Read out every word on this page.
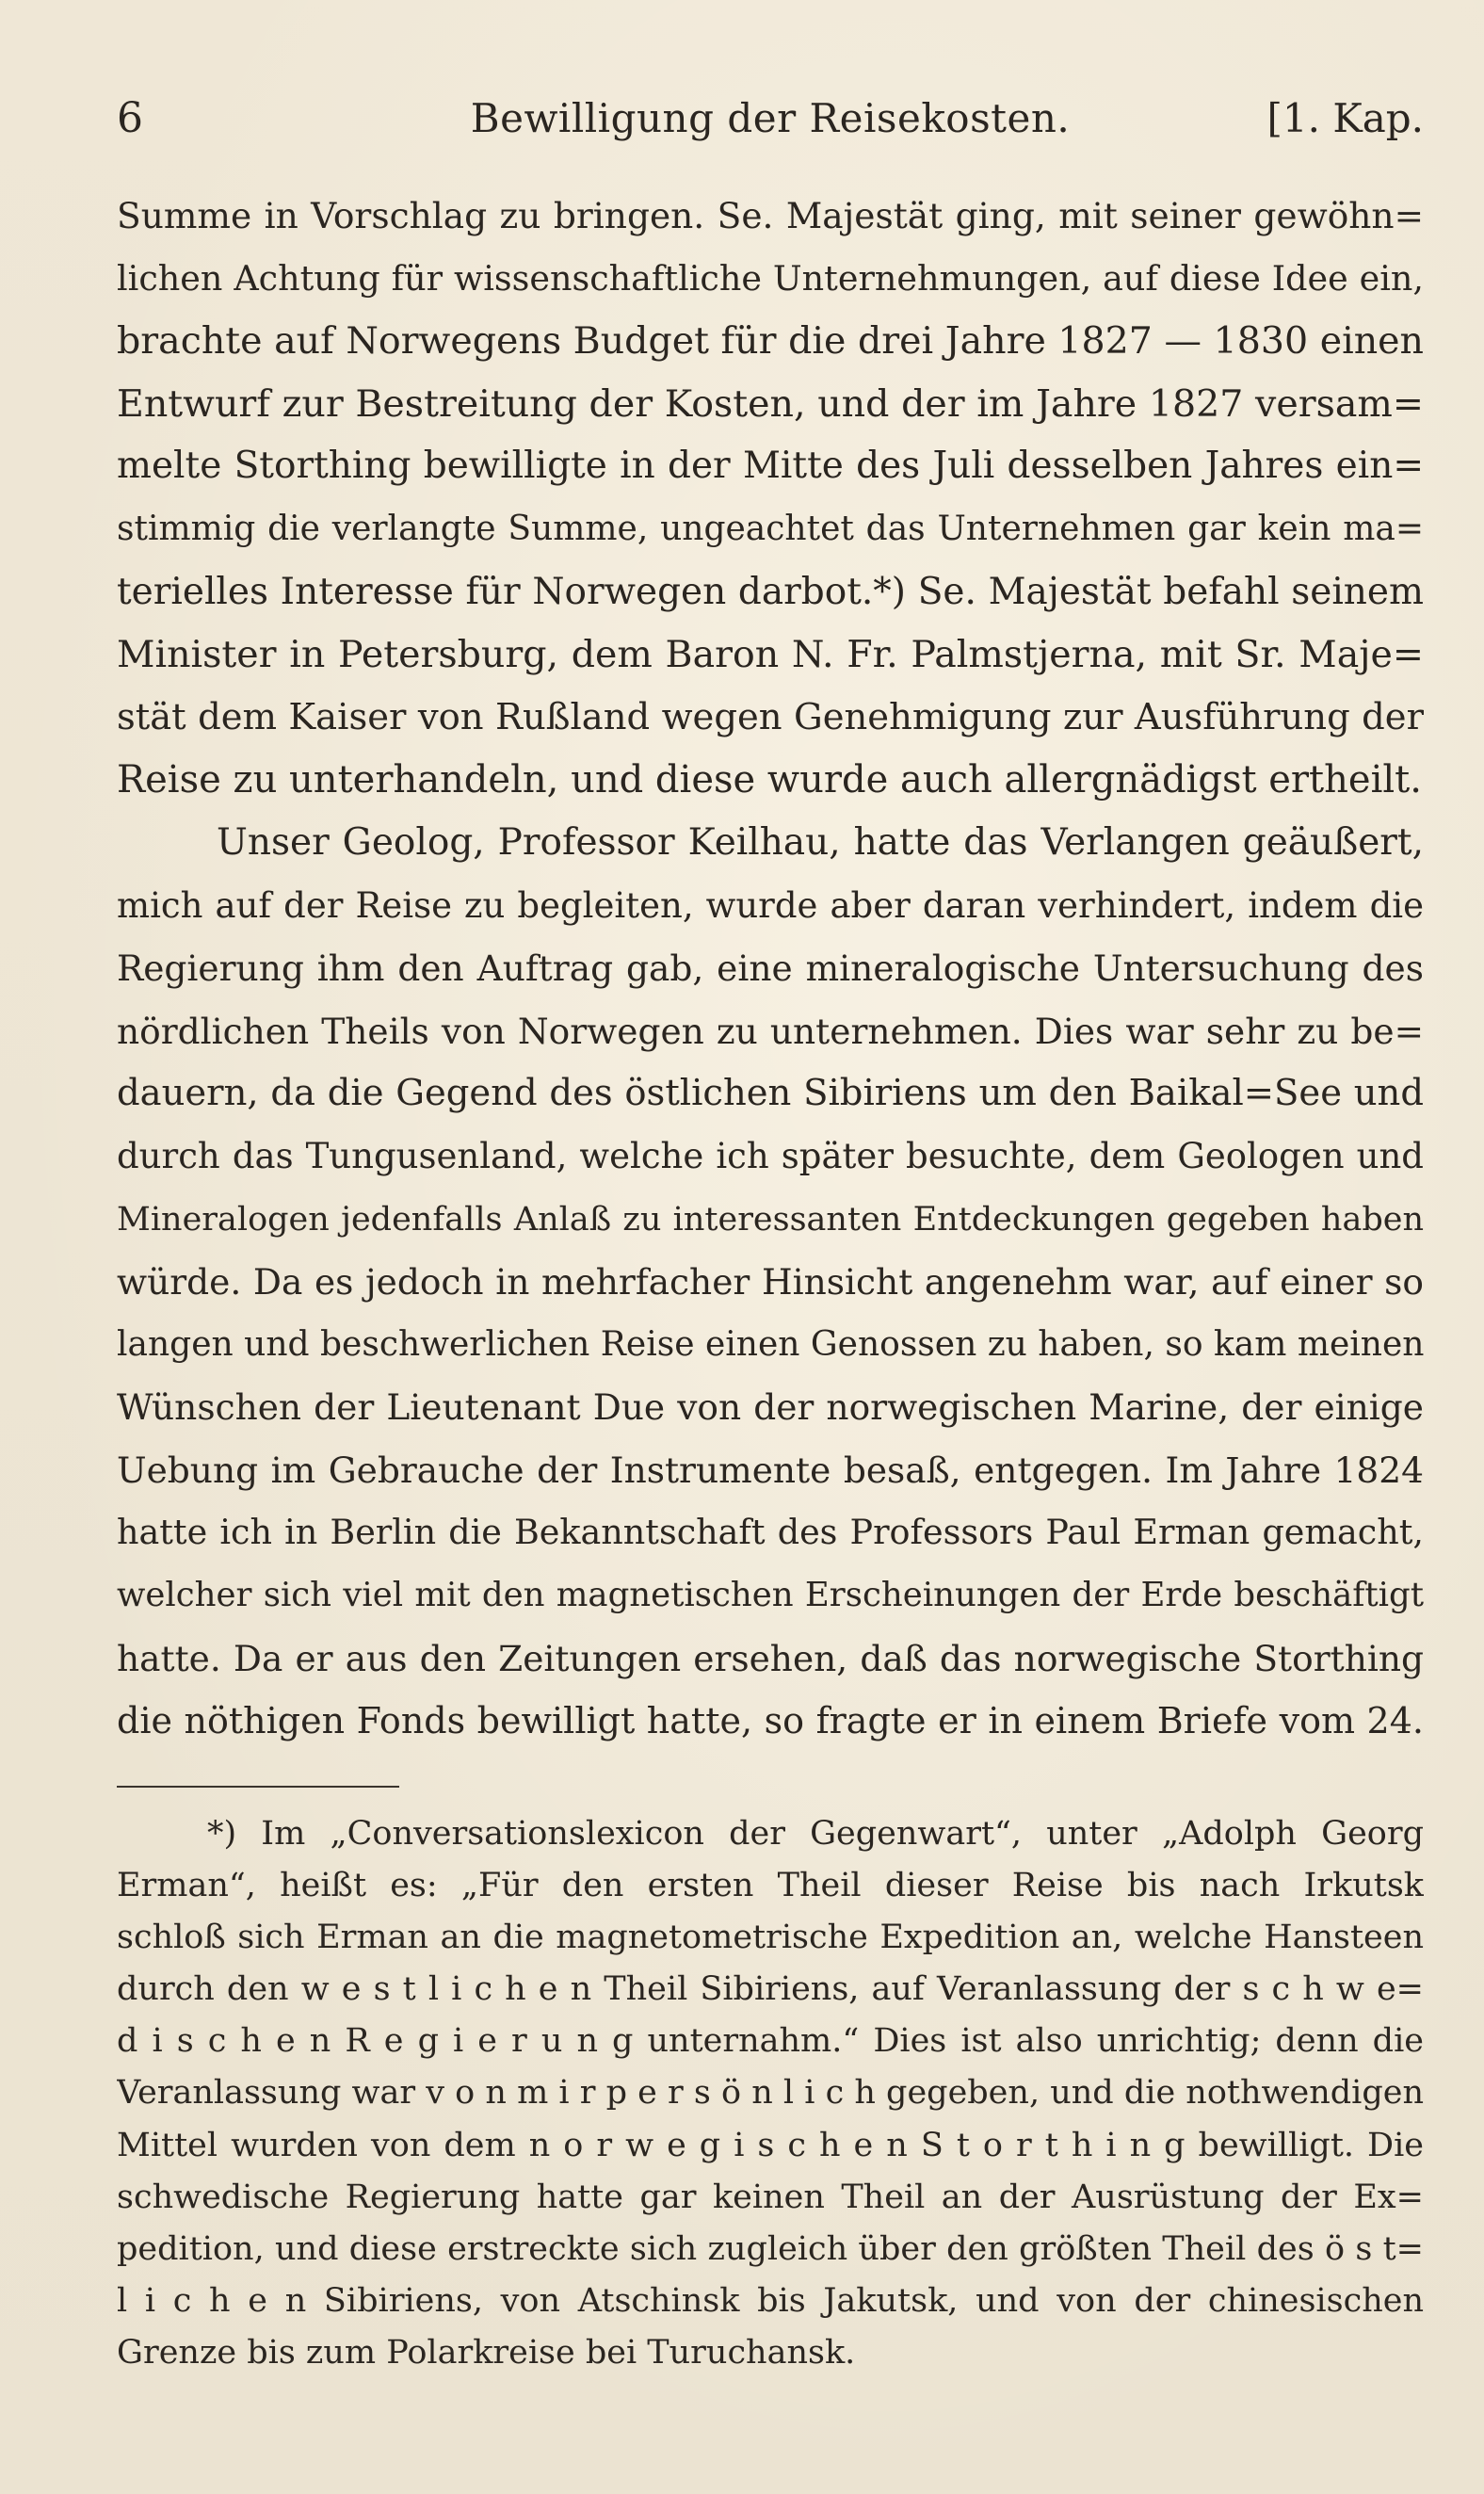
6	Bewilligung der Reisekosten.	[1. Kap.
Summe in Vorschlag zu bringen. Se. Majestät ging, mit seiner gewöhn=
lichen Achtung für wissenschaftliche Unternehmungen, auf diese Idee ein,
brachte auf Norwegens Budget für die drei Jahre 1827 — 1830 einen
Entwurf zur Bestreitung der Kosten, und der im Jahre 1827 versam=
melte Storthing bewilligte in der Mitte des Juli desselben Jahres ein=
stimmig die verlangte Summe, ungeachtet das Unternehmen gar kein ma=
terielles Interesse für Norwegen darbot.*) Se. Majestät befahl seinem
Minister in Petersburg, dem Baron N. Fr. Palmstjerna, mit Sr. Maje=
stät dem Kaiser von Rußland wegen Genehmigung zur Ausführung der
Reise zu unterhandeln, und diese wurde auch allergnädigst ertheilt.
Unser Geolog, Professor Keilhau, hatte das Verlangen geäußert,
mich auf der Reise zu begleiten, wurde aber daran verhindert, indem die
Regierung ihm den Auftrag gab, eine mineralogische Untersuchung des
nördlichen Theils von Norwegen zu unternehmen. Dies war sehr zu be=
dauern, da die Gegend des östlichen Sibiriens um den Baikal=See und
durch das Tungusenland, welche ich später besuchte, dem Geologen und
Mineralogen jedenfalls Anlaß zu interessanten Entdeckungen gegeben haben
würde. Da es jedoch in mehrfacher Hinsicht angenehm war, auf einer so
langen und beschwerlichen Reise einen Genossen zu haben, so kam meinen
Wünschen der Lieutenant Due von der norwegischen Marine, der einige
Uebung im Gebrauche der Instrumente besaß, entgegen. Im Jahre 1824
hatte ich in Berlin die Bekanntschaft des Professors Paul Erman gemacht,
welcher sich viel mit den magnetischen Erscheinungen der Erde beschäftigt
hatte. Da er aus den Zeitungen ersehen, daß das norwegische Storthing
die nöthigen Fonds bewilligt hatte, so fragte er in einem Briefe vom 24.
*) Im „Conversationslexicon der Gegenwart“, unter „Adolph Georg
Erman“, heißt es: „Für den ersten Theil dieser Reise bis nach Irkutsk
schloß sich Erman an die magnetometrische Expedition an, welche Hansteen
durch den w e s t l i c h e n Theil Sibiriens, auf Veranlassung der s c h w e=
d i s c h e n R e g i e r u n g unternahm.“ Dies ist also unrichtig; denn die
Veranlassung war v o n m i r p e r s ö n l i c h gegeben, und die nothwendigen
Mittel wurden von dem n o r w e g i s c h e n S t o r t h i n g bewilligt. Die
schwedische Regierung hatte gar keinen Theil an der Ausrüstung der Ex=
pedition, und diese erstreckte sich zugleich über den größten Theil des ö s t=
l i c h e n Sibiriens, von Atschinsk bis Jakutsk, und von der chinesischen
Grenze bis zum Polarkreise bei Turuchansk.
